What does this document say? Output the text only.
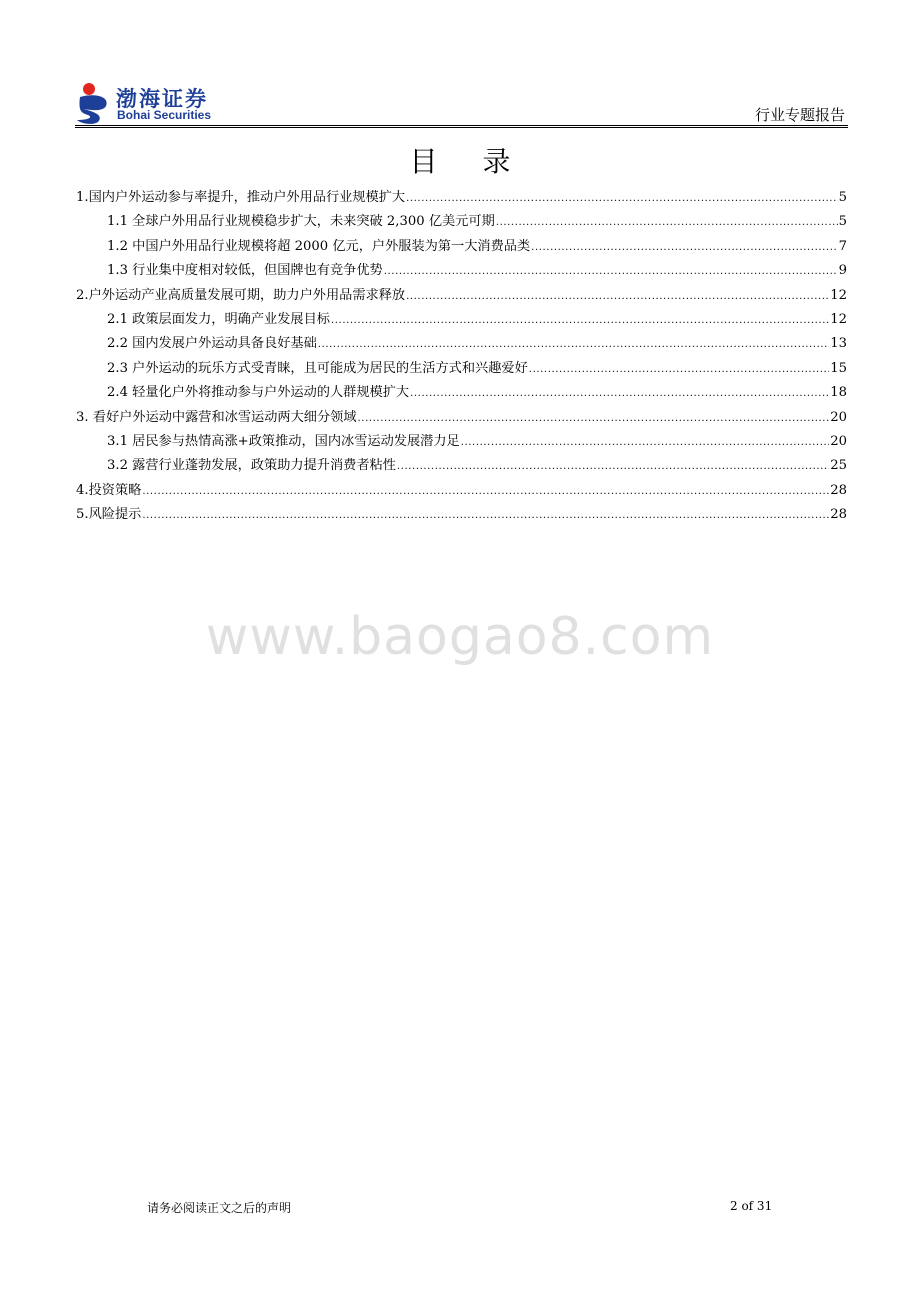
渤海证券
Bohai Securities	行业专题报告
目 录
1.国内户外运动参与率提升，推动户外用品行业规模扩大 .....	5
1.1 全球户外用品行业规模稳步扩大，未来突破 2,300 亿美元可期 .....	5
1.2 中国户外用品行业规模将超 2000 亿元，户外服装为第一大消费品类 .....	7
1.3 行业集中度相对较低，但国牌也有竞争优势 .....	9
2.户外运动产业高质量发展可期，助力户外用品需求释放 .....	12
2.1 政策层面发力，明确产业发展目标 .....	12
2.2 国内发展户外运动具备良好基础 .....	13
2.3 户外运动的玩乐方式受青睐，且可能成为居民的生活方式和兴趣爱好 .....	15
2.4 轻量化户外将推动参与户外运动的人群规模扩大 .....	18
3. 看好户外运动中露营和冰雪运动两大细分领域 .....	20
3.1 居民参与热情高涨+政策推动，国内冰雪运动发展潜力足 .....	20
3.2 露营行业蓬勃发展，政策助力提升消费者粘性 .....	25
4.投资策略 .....	28
5.风险提示 .....	28
www.baogao8.com
请务必阅读正文之后的声明	2 of 31
